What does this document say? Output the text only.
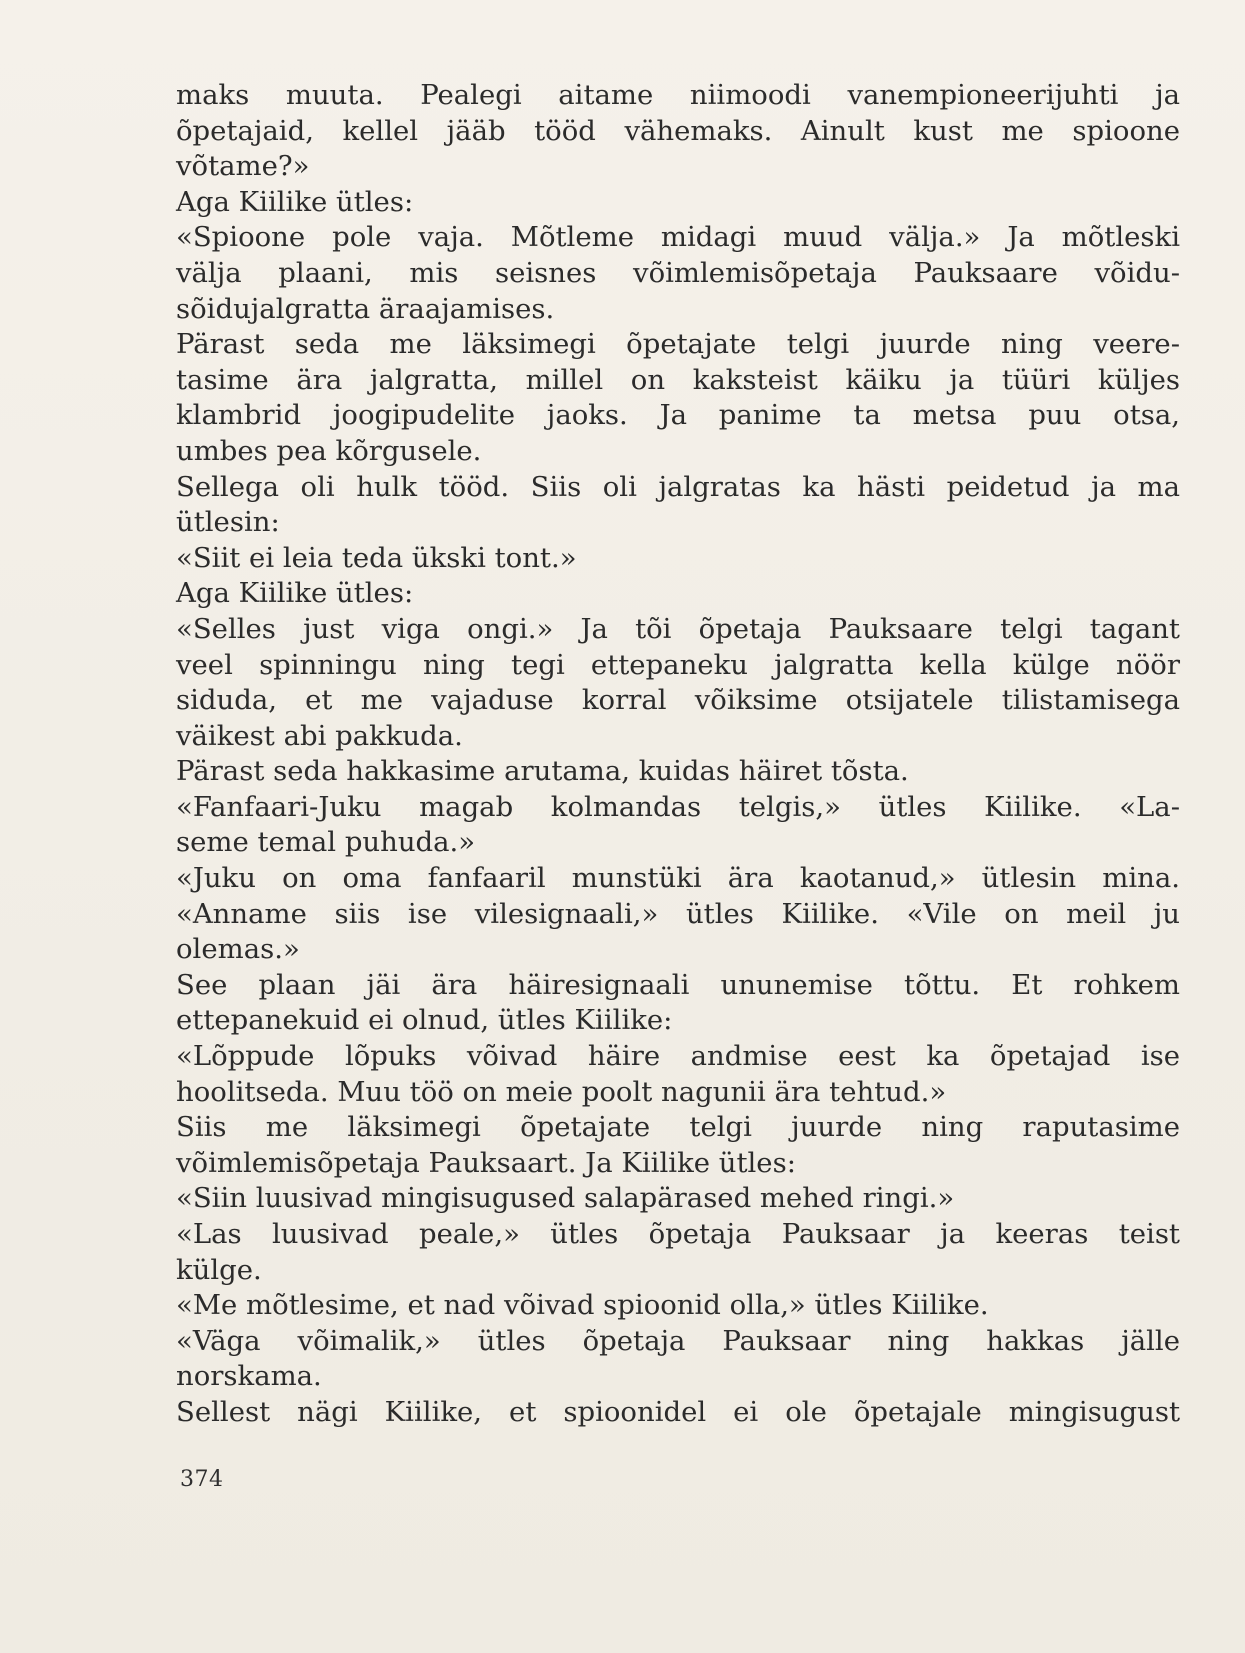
maks muuta. Pealegi aitame niimoodi vanempioneerijuhti ja
õpetajaid, kellel jääb tööd vähemaks. Ainult kust me spioone
võtame?»
Aga Kiilike ütles:
«Spioone pole vaja. Mõtleme midagi muud välja.» Ja mõtleski
välja plaani, mis seisnes võimlemisõpetaja Pauksaare võidu-
sõidujalgratta äraajamises.
Pärast seda me läksimegi õpetajate telgi juurde ning veere-
tasime ära jalgratta, millel on kaksteist käiku ja tüüri küljes
klambrid joogipudelite jaoks. Ja panime ta metsa puu otsa,
umbes pea kõrgusele.
Sellega oli hulk tööd. Siis oli jalgratas ka hästi peidetud ja ma
ütlesin:
«Siit ei leia teda ükski tont.»
Aga Kiilike ütles:
«Selles just viga ongi.» Ja tõi õpetaja Pauksaare telgi tagant
veel spinningu ning tegi ettepaneku jalgratta kella külge nöör
siduda, et me vajaduse korral võiksime otsijatele tilistamisega
väikest abi pakkuda.
Pärast seda hakkasime arutama, kuidas häiret tõsta.
«Fanfaari-Juku magab kolmandas telgis,» ütles Kiilike. «La-
seme temal puhuda.»
«Juku on oma fanfaaril munstüki ära kaotanud,» ütlesin mina.
«Anname siis ise vilesignaali,» ütles Kiilike. «Vile on meil ju
olemas.»
See plaan jäi ära häiresignaali ununemise tõttu. Et rohkem
ettepanekuid ei olnud, ütles Kiilike:
«Lõppude lõpuks võivad häire andmise eest ka õpetajad ise
hoolitseda. Muu töö on meie poolt nagunii ära tehtud.»
Siis me läksimegi õpetajate telgi juurde ning raputasime
võimlemisõpetaja Pauksaart. Ja Kiilike ütles:
«Siin luusivad mingisugused salapärased mehed ringi.»
«Las luusivad peale,» ütles õpetaja Pauksaar ja keeras teist
külge.
«Me mõtlesime, et nad võivad spioonid olla,» ütles Kiilike.
«Väga võimalik,» ütles õpetaja Pauksaar ning hakkas jälle
norskama.
Sellest nägi Kiilike, et spioonidel ei ole õpetajale mingisugust
374
